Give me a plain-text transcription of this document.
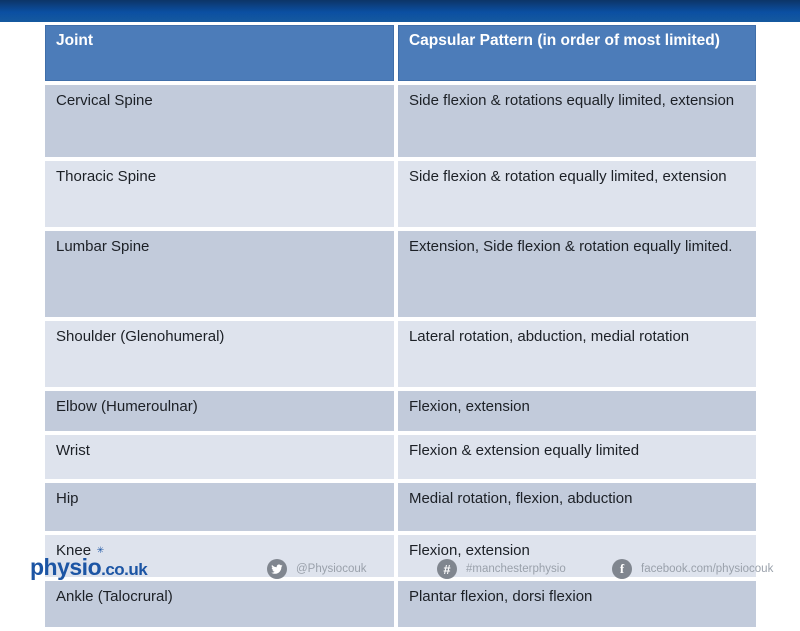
Joint	Capsular Pattern (in order of most limited)
Cervical Spine	Side flexion & rotations equally limited, extension
Thoracic Spine	Side flexion & rotation equally limited, extension
Lumbar Spine	Extension, Side flexion & rotation equally limited.
Shoulder (Glenohumeral)	Lateral rotation, abduction, medial rotation
Elbow (Humeroulnar)	Flexion, extension
Wrist	Flexion & extension equally limited
Hip	Medial rotation, flexion, abduction
Knee	Flexion, extension
Ankle (Talocrural)	Plantar flexion, dorsi flexion
physio
✳
.co.uk	@Physiocouk	#	#manchesterphysio	f	facebook.com/physiocouk
